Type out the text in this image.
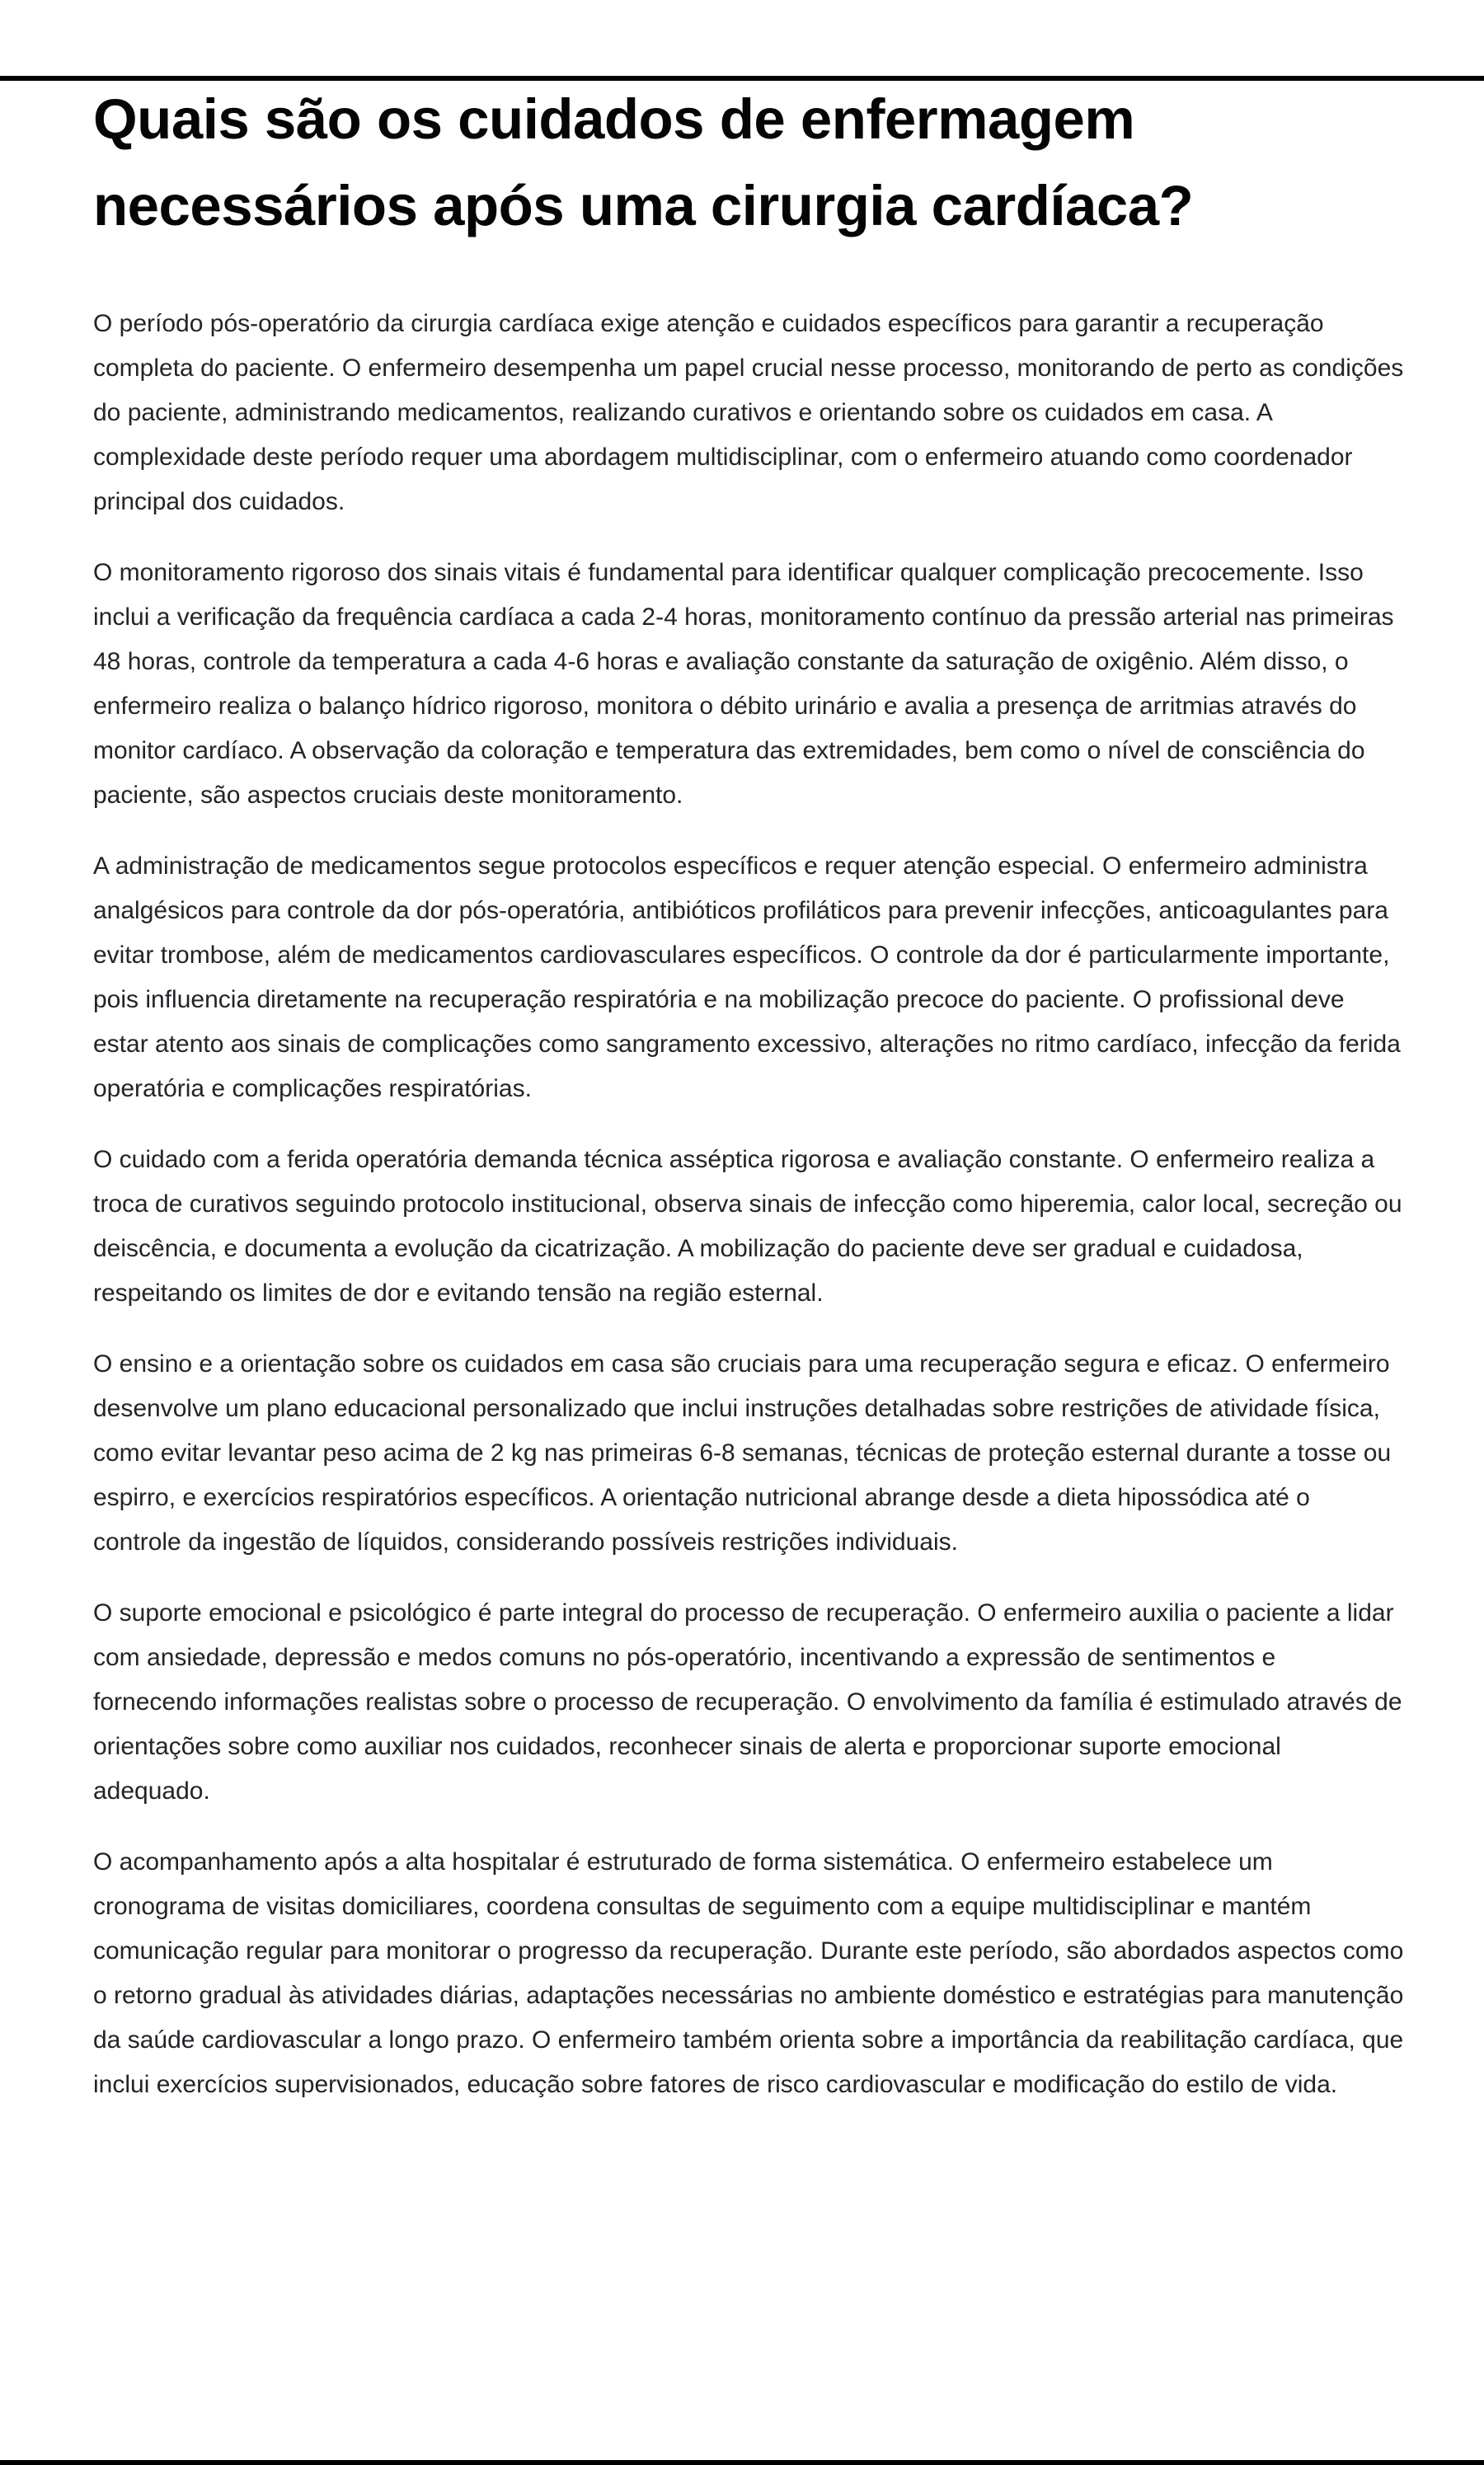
Quais são os cuidados de enfermagem necessários após uma cirurgia cardíaca?

O período pós-operatório da cirurgia cardíaca exige atenção e cuidados específicos para garantir a recuperação completa do paciente. O enfermeiro desempenha um papel crucial nesse processo, monitorando de perto as condições do paciente, administrando medicamentos, realizando curativos e orientando sobre os cuidados em casa. A complexidade deste período requer uma abordagem multidisciplinar, com o enfermeiro atuando como coordenador principal dos cuidados.

O monitoramento rigoroso dos sinais vitais é fundamental para identificar qualquer complicação precocemente. Isso inclui a verificação da frequência cardíaca a cada 2-4 horas, monitoramento contínuo da pressão arterial nas primeiras 48 horas, controle da temperatura a cada 4-6 horas e avaliação constante da saturação de oxigênio. Além disso, o enfermeiro realiza o balanço hídrico rigoroso, monitora o débito urinário e avalia a presença de arritmias através do monitor cardíaco. A observação da coloração e temperatura das extremidades, bem como o nível de consciência do paciente, são aspectos cruciais deste monitoramento.

A administração de medicamentos segue protocolos específicos e requer atenção especial. O enfermeiro administra analgésicos para controle da dor pós-operatória, antibióticos profiláticos para prevenir infecções, anticoagulantes para evitar trombose, além de medicamentos cardiovasculares específicos. O controle da dor é particularmente importante, pois influencia diretamente na recuperação respiratória e na mobilização precoce do paciente. O profissional deve estar atento aos sinais de complicações como sangramento excessivo, alterações no ritmo cardíaco, infecção da ferida operatória e complicações respiratórias.

O cuidado com a ferida operatória demanda técnica asséptica rigorosa e avaliação constante. O enfermeiro realiza a troca de curativos seguindo protocolo institucional, observa sinais de infecção como hiperemia, calor local, secreção ou deiscência, e documenta a evolução da cicatrização. A mobilização do paciente deve ser gradual e cuidadosa, respeitando os limites de dor e evitando tensão na região esternal.

O ensino e a orientação sobre os cuidados em casa são cruciais para uma recuperação segura e eficaz. O enfermeiro desenvolve um plano educacional personalizado que inclui instruções detalhadas sobre restrições de atividade física, como evitar levantar peso acima de 2 kg nas primeiras 6-8 semanas, técnicas de proteção esternal durante a tosse ou espirro, e exercícios respiratórios específicos. A orientação nutricional abrange desde a dieta hipossódica até o controle da ingestão de líquidos, considerando possíveis restrições individuais.

O suporte emocional e psicológico é parte integral do processo de recuperação. O enfermeiro auxilia o paciente a lidar com ansiedade, depressão e medos comuns no pós-operatório, incentivando a expressão de sentimentos e fornecendo informações realistas sobre o processo de recuperação. O envolvimento da família é estimulado através de orientações sobre como auxiliar nos cuidados, reconhecer sinais de alerta e proporcionar suporte emocional adequado.

O acompanhamento após a alta hospitalar é estruturado de forma sistemática. O enfermeiro estabelece um cronograma de visitas domiciliares, coordena consultas de seguimento com a equipe multidisciplinar e mantém comunicação regular para monitorar o progresso da recuperação. Durante este período, são abordados aspectos como o retorno gradual às atividades diárias, adaptações necessárias no ambiente doméstico e estratégias para manutenção da saúde cardiovascular a longo prazo. O enfermeiro também orienta sobre a importância da reabilitação cardíaca, que inclui exercícios supervisionados, educação sobre fatores de risco cardiovascular e modificação do estilo de vida.
